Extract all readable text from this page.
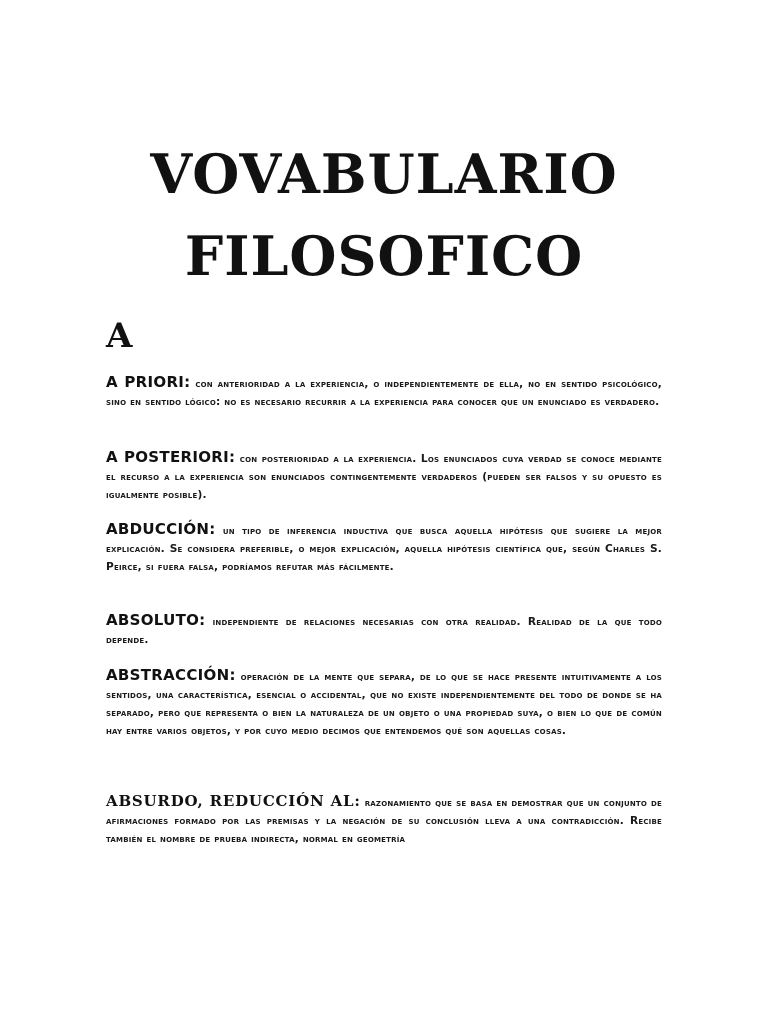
VOVABULARIO
FILOSOFICO
A
A PRIORI: con anterioridad a la experiencia, o independientemente de ella, no en sentido psicológico, sino en sentido lógico: no es necesario recurrir a la experiencia para conocer que un enunciado es verdadero.
A POSTERIORI: con posterioridad a la experiencia. Los enunciados cuya verdad se conoce mediante el recurso a la experiencia son enunciados contingentemente verdaderos (pueden ser falsos y su opuesto es igualmente posible).
ABDUCCIÓN: un tipo de inferencia inductiva que busca aquella hipótesis que sugiere la mejor explicación. Se considera preferible, o mejor explicación, aquella hipótesis científica que, según Charles S. Peirce, si fuera falsa, podríamos refutar más fácilmente.
ABSOLUTO: independiente de relaciones necesarias con otra realidad. Realidad de la que todo depende.
ABSTRACCIÓN: operación de la mente que separa, de lo que se hace presente intuitivamente a los sentidos, una característica, esencial o accidental, que no existe independientemente del todo de donde se ha separado, pero que representa o bien la naturaleza de un objeto o una propiedad suya, o bien lo que de común hay entre varios objetos, y por cuyo medio decimos que entendemos qué son aquellas cosas.
ABSURDO, REDUCCIÓN AL: razonamiento que se basa en demostrar que un conjunto de afirmaciones formado por las premisas y la negación de su conclusión lleva a una contradicción. Recibe también el nombre de prueba indirecta, normal en geometría
